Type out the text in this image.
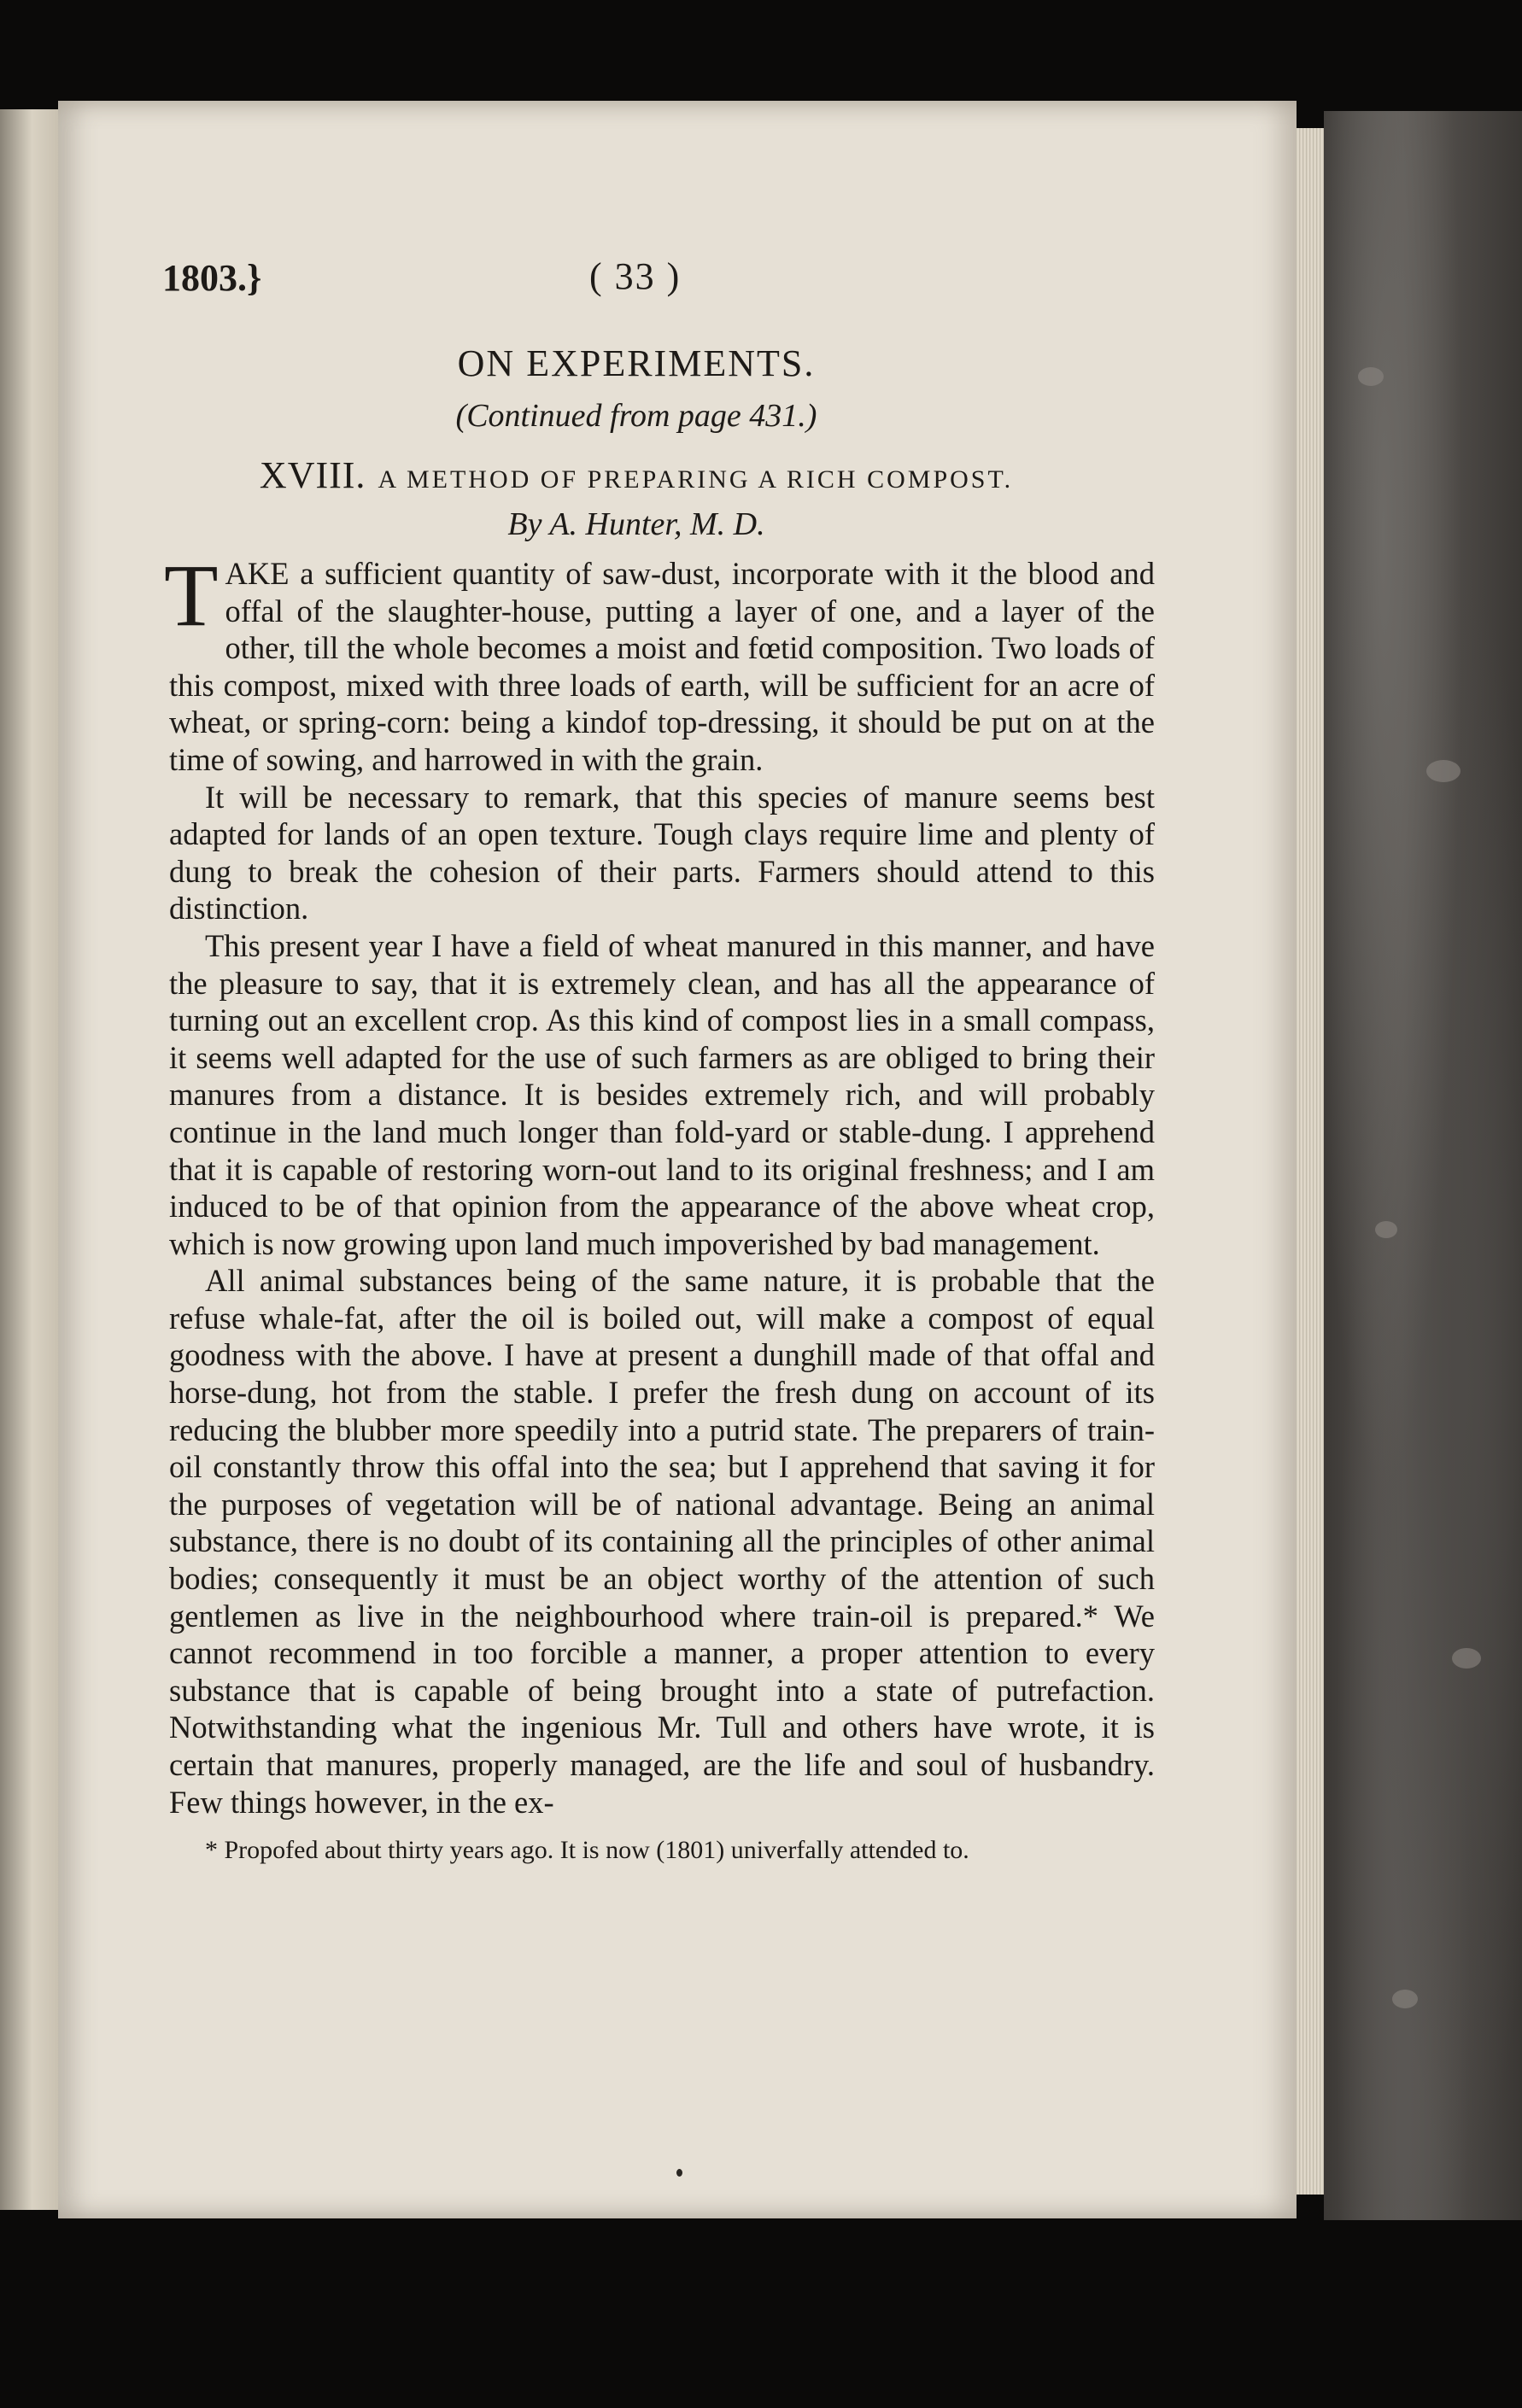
1803.}	( 33 )
ON EXPERIMENTS.
(Continued from page 431.)
XVIII. A METHOD OF PREPARING A RICH COMPOST.
By A. Hunter, M. D.

TAKE a sufficient quantity of saw-dust, incorporate with it the blood and offal of the slaughter-house, putting a layer of one, and a layer of the other, till the whole becomes a moist and fœtid composition. Two loads of this compost, mixed with three loads of earth, will be sufficient for an acre of wheat, or spring-corn: being a kindof top-dressing, it should be put on at the time of sowing, and harrowed in with the grain.

It will be necessary to remark, that this species of manure seems best adapted for lands of an open texture. Tough clays require lime and plenty of dung to break the cohesion of their parts. Farmers should attend to this distinction.

This present year I have a field of wheat manured in this manner, and have the pleasure to say, that it is extremely clean, and has all the appearance of turning out an excellent crop. As this kind of compost lies in a small compass, it seems well adapted for the use of such farmers as are obliged to bring their manures from a distance. It is besides extremely rich, and will probably continue in the land much longer than fold-yard or stable-dung. I apprehend that it is capable of restoring worn-out land to its original freshness; and I am induced to be of that opinion from the appearance of the above wheat crop, which is now growing upon land much impoverished by bad management.

All animal substances being of the same nature, it is probable that the refuse whale-fat, after the oil is boiled out, will make a compost of equal goodness with the above. I have at present a dunghill made of that offal and horse-dung, hot from the stable. I prefer the fresh dung on account of its reducing the blubber more speedily into a putrid state. The preparers of train-oil constantly throw this offal into the sea; but I apprehend that saving it for the purposes of vegetation will be of national advantage. Being an animal substance, there is no doubt of its containing all the principles of other animal bodies; consequently it must be an object worthy of the attention of such gentlemen as live in the neighbourhood where train-oil is prepared.* We cannot recommend in too forcible a manner, a proper attention to every substance that is capable of being brought into a state of putrefaction. Notwithstanding what the ingenious Mr. Tull and others have wrote, it is certain that manures, properly managed, are the life and soul of husbandry. Few things however, in the ex-

* Propofed about thirty years ago. It is now (1801) univerfally attended to.
